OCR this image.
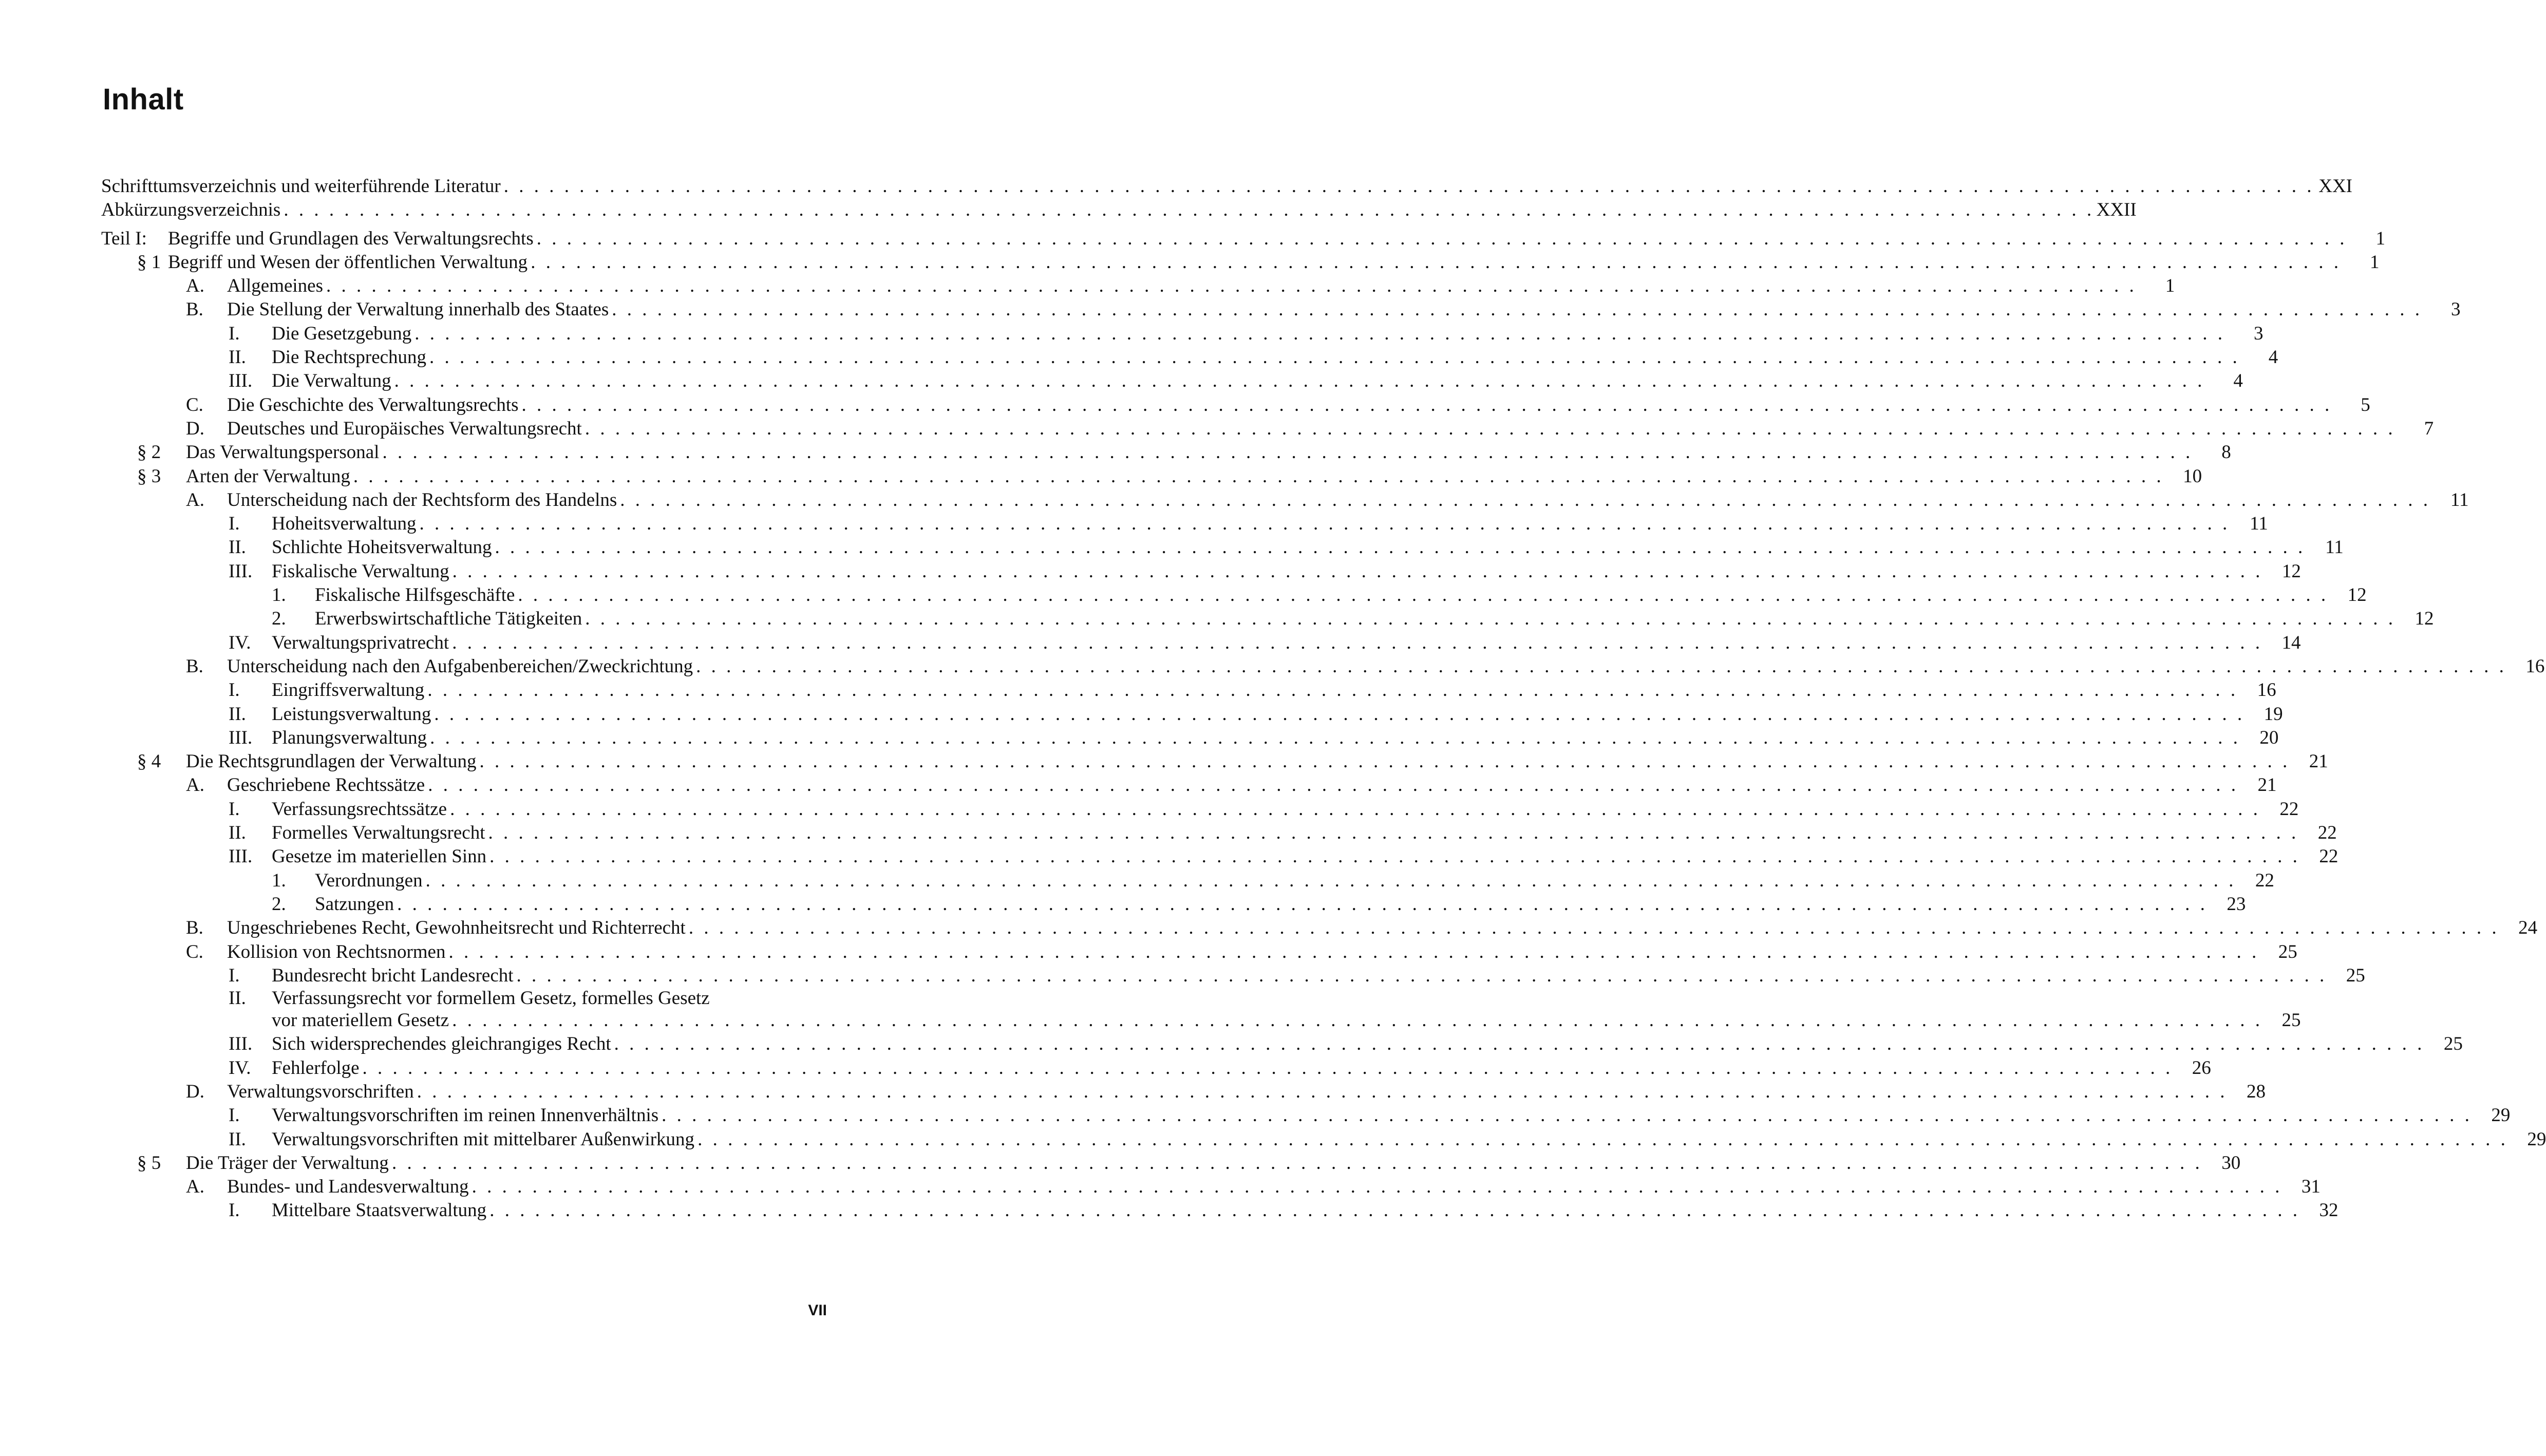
Inhalt
Schrifttumsverzeichnis und weiterführende Literatur . . . . . . . . . . . . . . . . . . . . . . . . . . . . . . . . . . . . . . . . . . . . . . . . . . . . . . . . . . . . . . . . . . . . . . . . . . . . . . . . . . . . . . . . . . . . . . . . . . . . . . . . . . . . . . . . . . . . . . . . XXI
Abkürzungsverzeichnis . . . . . . . . . . . . . . . . . . . . . . . . . . . . . . . . . . . . . . . . . . . . . . . . . . . . . . . . . . . . . . . . . . . . . . . . . . . . . . . . . . . . . . . . . . . . . . . . . . . . . . . . . . . . . . . . . . . . . . . . XXII
Teil I:	Begriffe und Grundlagen des Verwaltungsrechts . . . . . . . . . . . . . . . . . . . . . . . . . . . . . . . . . . . . . . . . . . . . . . . . . . . . . . . . . . . . . . . . . . . . . . . . . . . . . . . . . . . . . . . . . . . . . . . . . . . . . . . . . . . . . . . . . . . . . . . .	1
§ 1 Begriff und Wesen der öffentlichen Verwaltung . . . . . . . . . . . . . . . . . . . . . . . . . . . . . . . . . . . . . . . . . . . . . . . . . . . . . . . . . . . . . . . . . . . . . . . . . . . . . . . . . . . . . . . . . . . . . . . . . . . . . . . . . . . . . . . . . . . . . . . .	1
A.	Allgemeines . . . . . . . . . . . . . . . . . . . . . . . . . . . . . . . . . . . . . . . . . . . . . . . . . . . . . . . . . . . . . . . . . . . . . . . . . . . . . . . . . . . . . . . . . . . . . . . . . . . . . . . . . . . . . . . . . . . . . . . .	1
B.	Die Stellung der Verwaltung innerhalb des Staates . . . . . . . . . . . . . . . . . . . . . . . . . . . . . . . . . . . . . . . . . . . . . . . . . . . . . . . . . . . . . . . . . . . . . . . . . . . . . . . . . . . . . . . . . . . . . . . . . . . . . . . . . . . . . . . . . . . . . . . .	3
I.	Die Gesetzgebung . . . . . . . . . . . . . . . . . . . . . . . . . . . . . . . . . . . . . . . . . . . . . . . . . . . . . . . . . . . . . . . . . . . . . . . . . . . . . . . . . . . . . . . . . . . . . . . . . . . . . . . . . . . . . . . . . . . . . . . .	3
II.	Die Rechtsprechung . . . . . . . . . . . . . . . . . . . . . . . . . . . . . . . . . . . . . . . . . . . . . . . . . . . . . . . . . . . . . . . . . . . . . . . . . . . . . . . . . . . . . . . . . . . . . . . . . . . . . . . . . . . . . . . . . . . . . . . .	4
III.	Die Verwaltung . . . . . . . . . . . . . . . . . . . . . . . . . . . . . . . . . . . . . . . . . . . . . . . . . . . . . . . . . . . . . . . . . . . . . . . . . . . . . . . . . . . . . . . . . . . . . . . . . . . . . . . . . . . . . . . . . . . . . . . .	4
C.	Die Geschichte des Verwaltungsrechts . . . . . . . . . . . . . . . . . . . . . . . . . . . . . . . . . . . . . . . . . . . . . . . . . . . . . . . . . . . . . . . . . . . . . . . . . . . . . . . . . . . . . . . . . . . . . . . . . . . . . . . . . . . . . . . . . . . . . . . .	5
D.	Deutsches und Europäisches Verwaltungsrecht . . . . . . . . . . . . . . . . . . . . . . . . . . . . . . . . . . . . . . . . . . . . . . . . . . . . . . . . . . . . . . . . . . . . . . . . . . . . . . . . . . . . . . . . . . . . . . . . . . . . . . . . . . . . . . . . . . . . . . . .	7
§ 2	Das Verwaltungspersonal . . . . . . . . . . . . . . . . . . . . . . . . . . . . . . . . . . . . . . . . . . . . . . . . . . . . . . . . . . . . . . . . . . . . . . . . . . . . . . . . . . . . . . . . . . . . . . . . . . . . . . . . . . . . . . . . . . . . . . . .	8
§ 3	Arten der Verwaltung . . . . . . . . . . . . . . . . . . . . . . . . . . . . . . . . . . . . . . . . . . . . . . . . . . . . . . . . . . . . . . . . . . . . . . . . . . . . . . . . . . . . . . . . . . . . . . . . . . . . . . . . . . . . . . . . . . . . . . . .	10
A.	Unterscheidung nach der Rechtsform des Handelns . . . . . . . . . . . . . . . . . . . . . . . . . . . . . . . . . . . . . . . . . . . . . . . . . . . . . . . . . . . . . . . . . . . . . . . . . . . . . . . . . . . . . . . . . . . . . . . . . . . . . . . . . . . . . . . . . . . . . . . .	11
I.	Hoheitsverwaltung . . . . . . . . . . . . . . . . . . . . . . . . . . . . . . . . . . . . . . . . . . . . . . . . . . . . . . . . . . . . . . . . . . . . . . . . . . . . . . . . . . . . . . . . . . . . . . . . . . . . . . . . . . . . . . . . . . . . . . . .	11
II.	Schlichte Hoheitsverwaltung . . . . . . . . . . . . . . . . . . . . . . . . . . . . . . . . . . . . . . . . . . . . . . . . . . . . . . . . . . . . . . . . . . . . . . . . . . . . . . . . . . . . . . . . . . . . . . . . . . . . . . . . . . . . . . . . . . . . . . . .	11
III.	Fiskalische Verwaltung . . . . . . . . . . . . . . . . . . . . . . . . . . . . . . . . . . . . . . . . . . . . . . . . . . . . . . . . . . . . . . . . . . . . . . . . . . . . . . . . . . . . . . . . . . . . . . . . . . . . . . . . . . . . . . . . . . . . . . . .	12
1.	Fiskalische Hilfsgeschäfte . . . . . . . . . . . . . . . . . . . . . . . . . . . . . . . . . . . . . . . . . . . . . . . . . . . . . . . . . . . . . . . . . . . . . . . . . . . . . . . . . . . . . . . . . . . . . . . . . . . . . . . . . . . . . . . . . . . . . . . .	12
2.	Erwerbswirtschaftliche Tätigkeiten . . . . . . . . . . . . . . . . . . . . . . . . . . . . . . . . . . . . . . . . . . . . . . . . . . . . . . . . . . . . . . . . . . . . . . . . . . . . . . . . . . . . . . . . . . . . . . . . . . . . . . . . . . . . . . . . . . . . . . . .	12
IV.	Verwaltungsprivatrecht . . . . . . . . . . . . . . . . . . . . . . . . . . . . . . . . . . . . . . . . . . . . . . . . . . . . . . . . . . . . . . . . . . . . . . . . . . . . . . . . . . . . . . . . . . . . . . . . . . . . . . . . . . . . . . . . . . . . . . . .	14
B.	Unterscheidung nach den Aufgabenbereichen/Zweckrichtung . . . . . . . . . . . . . . . . . . . . . . . . . . . . . . . . . . . . . . . . . . . . . . . . . . . . . . . . . . . . . . . . . . . . . . . . . . . . . . . . . . . . . . . . . . . . . . . . . . . . . . . . . . . . . . . . . . . . . . . .	16
I.	Eingriffsverwaltung . . . . . . . . . . . . . . . . . . . . . . . . . . . . . . . . . . . . . . . . . . . . . . . . . . . . . . . . . . . . . . . . . . . . . . . . . . . . . . . . . . . . . . . . . . . . . . . . . . . . . . . . . . . . . . . . . . . . . . . .	16
II.	Leistungsverwaltung . . . . . . . . . . . . . . . . . . . . . . . . . . . . . . . . . . . . . . . . . . . . . . . . . . . . . . . . . . . . . . . . . . . . . . . . . . . . . . . . . . . . . . . . . . . . . . . . . . . . . . . . . . . . . . . . . . . . . . . .	19
III.	Planungsverwaltung . . . . . . . . . . . . . . . . . . . . . . . . . . . . . . . . . . . . . . . . . . . . . . . . . . . . . . . . . . . . . . . . . . . . . . . . . . . . . . . . . . . . . . . . . . . . . . . . . . . . . . . . . . . . . . . . . . . . . . . .	20
§ 4	Die Rechtsgrundlagen der Verwaltung . . . . . . . . . . . . . . . . . . . . . . . . . . . . . . . . . . . . . . . . . . . . . . . . . . . . . . . . . . . . . . . . . . . . . . . . . . . . . . . . . . . . . . . . . . . . . . . . . . . . . . . . . . . . . . . . . . . . . . . .	21
A.	Geschriebene Rechtssätze . . . . . . . . . . . . . . . . . . . . . . . . . . . . . . . . . . . . . . . . . . . . . . . . . . . . . . . . . . . . . . . . . . . . . . . . . . . . . . . . . . . . . . . . . . . . . . . . . . . . . . . . . . . . . . . . . . . . . . . .	21
I.	Verfassungsrechtssätze . . . . . . . . . . . . . . . . . . . . . . . . . . . . . . . . . . . . . . . . . . . . . . . . . . . . . . . . . . . . . . . . . . . . . . . . . . . . . . . . . . . . . . . . . . . . . . . . . . . . . . . . . . . . . . . . . . . . . . . .	22
II.	Formelles Verwaltungsrecht . . . . . . . . . . . . . . . . . . . . . . . . . . . . . . . . . . . . . . . . . . . . . . . . . . . . . . . . . . . . . . . . . . . . . . . . . . . . . . . . . . . . . . . . . . . . . . . . . . . . . . . . . . . . . . . . . . . . . . . .	22
III.	Gesetze im materiellen Sinn . . . . . . . . . . . . . . . . . . . . . . . . . . . . . . . . . . . . . . . . . . . . . . . . . . . . . . . . . . . . . . . . . . . . . . . . . . . . . . . . . . . . . . . . . . . . . . . . . . . . . . . . . . . . . . . . . . . . . . . .	22
1.	Verordnungen . . . . . . . . . . . . . . . . . . . . . . . . . . . . . . . . . . . . . . . . . . . . . . . . . . . . . . . . . . . . . . . . . . . . . . . . . . . . . . . . . . . . . . . . . . . . . . . . . . . . . . . . . . . . . . . . . . . . . . . .	22
2.	Satzungen . . . . . . . . . . . . . . . . . . . . . . . . . . . . . . . . . . . . . . . . . . . . . . . . . . . . . . . . . . . . . . . . . . . . . . . . . . . . . . . . . . . . . . . . . . . . . . . . . . . . . . . . . . . . . . . . . . . . . . . .	23
B.	Ungeschriebenes Recht, Gewohnheitsrecht und Richterrecht . . . . . . . . . . . . . . . . . . . . . . . . . . . . . . . . . . . . . . . . . . . . . . . . . . . . . . . . . . . . . . . . . . . . . . . . . . . . . . . . . . . . . . . . . . . . . . . . . . . . . . . . . . . . . . . . . . . . . . . .	24
C.	Kollision von Rechtsnormen . . . . . . . . . . . . . . . . . . . . . . . . . . . . . . . . . . . . . . . . . . . . . . . . . . . . . . . . . . . . . . . . . . . . . . . . . . . . . . . . . . . . . . . . . . . . . . . . . . . . . . . . . . . . . . . . . . . . . . . .	25
I.	Bundesrecht bricht Landesrecht . . . . . . . . . . . . . . . . . . . . . . . . . . . . . . . . . . . . . . . . . . . . . . . . . . . . . . . . . . . . . . . . . . . . . . . . . . . . . . . . . . . . . . . . . . . . . . . . . . . . . . . . . . . . . . . . . . . . . . . .	25
II.	Verfassungsrecht vor formellem Gesetz, formelles Gesetz
vor materiellem Gesetz . . . . . . . . . . . . . . . . . . . . . . . . . . . . . . . . . . . . . . . . . . . . . . . . . . . . . . . . . . . . . . . . . . . . . . . . . . . . . . . . . . . . . . . . . . . . . . . . . . . . . . . . . . . . . . . . . . . . . . . .	25
III.	Sich widersprechendes gleichrangiges Recht . . . . . . . . . . . . . . . . . . . . . . . . . . . . . . . . . . . . . . . . . . . . . . . . . . . . . . . . . . . . . . . . . . . . . . . . . . . . . . . . . . . . . . . . . . . . . . . . . . . . . . . . . . . . . . . . . . . . . . . .	25
IV.	Fehlerfolge . . . . . . . . . . . . . . . . . . . . . . . . . . . . . . . . . . . . . . . . . . . . . . . . . . . . . . . . . . . . . . . . . . . . . . . . . . . . . . . . . . . . . . . . . . . . . . . . . . . . . . . . . . . . . . . . . . . . . . . .	26
D.	Verwaltungsvorschriften . . . . . . . . . . . . . . . . . . . . . . . . . . . . . . . . . . . . . . . . . . . . . . . . . . . . . . . . . . . . . . . . . . . . . . . . . . . . . . . . . . . . . . . . . . . . . . . . . . . . . . . . . . . . . . . . . . . . . . . .	28
I.	Verwaltungsvorschriften im reinen Innenverhältnis . . . . . . . . . . . . . . . . . . . . . . . . . . . . . . . . . . . . . . . . . . . . . . . . . . . . . . . . . . . . . . . . . . . . . . . . . . . . . . . . . . . . . . . . . . . . . . . . . . . . . . . . . . . . . . . . . . . . . . . .	29
II.	Verwaltungsvorschriften mit mittelbarer Außenwirkung . . . . . . . . . . . . . . . . . . . . . . . . . . . . . . . . . . . . . . . . . . . . . . . . . . . . . . . . . . . . . . . . . . . . . . . . . . . . . . . . . . . . . . . . . . . . . . . . . . . . . . . . . . . . . . . . . . . . . . . .	29
§ 5	Die Träger der Verwaltung . . . . . . . . . . . . . . . . . . . . . . . . . . . . . . . . . . . . . . . . . . . . . . . . . . . . . . . . . . . . . . . . . . . . . . . . . . . . . . . . . . . . . . . . . . . . . . . . . . . . . . . . . . . . . . . . . . . . . . . .	30
A.	Bundes- und Landesverwaltung . . . . . . . . . . . . . . . . . . . . . . . . . . . . . . . . . . . . . . . . . . . . . . . . . . . . . . . . . . . . . . . . . . . . . . . . . . . . . . . . . . . . . . . . . . . . . . . . . . . . . . . . . . . . . . . . . . . . . . . .	31
I.	Mittelbare Staatsverwaltung . . . . . . . . . . . . . . . . . . . . . . . . . . . . . . . . . . . . . . . . . . . . . . . . . . . . . . . . . . . . . . . . . . . . . . . . . . . . . . . . . . . . . . . . . . . . . . . . . . . . . . . . . . . . . . . . . . . . . . . .	32
VII
